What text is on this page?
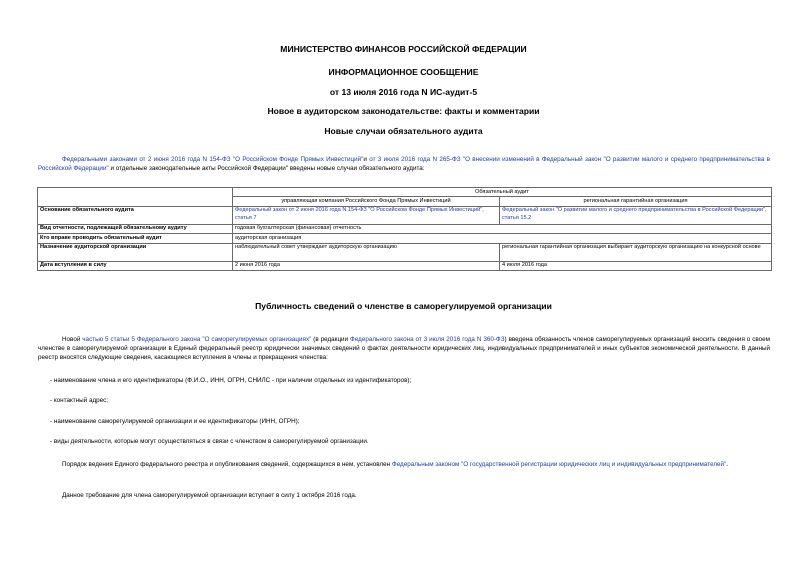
МИНИСТЕРСТВО ФИНАНСОВ РОССИЙСКОЙ ФЕДЕРАЦИИ
ИНФОРМАЦИОННОЕ СООБЩЕНИЕ
от 13 июля 2016 года N ИС-аудит-5
Новое в аудиторском законодательстве: факты и комментарии
Новые случаи обязательного аудита
Федеральными законами от 2 июня 2016 года N 154-ФЗ "О Российском Фонде Прямых Инвестиций"и от 3 июля 2016 года N 265-ФЗ "О внесении изменений в Федеральный закон "О развитии малого и среднего предпринимательства в Российской Федерации" и отдельные законодательные акты Российской Федерации" введены новые случаи обязательного аудита:
	Обязательный аудит	
	управляющая компания Российского Фонда Прямых Инвестиций	региональная гарантийная организация
Основание обязательного аудита	Федеральный закон от 2 июня 2016 года N 154-ФЗ "О Российском Фонде Прямых Инвестиций", статья 7	Федеральный закон "О развитии малого и среднего предпринимательства в Российской Федерации", статья 15.2
Вид отчетности, подлежащей обязательному аудиту	годовая бухгалтерская (финансовая) отчетность	
Кто вправе проводить обязательный аудит	аудиторская организация	
Назначение аудиторской организации	наблюдательный совет утверждает аудиторскую организацию	региональная гарантийная организация выбирает аудиторскую организацию на конкурсной основе
Дата вступления в силу	2 июня 2016 года	4 июля 2016 года
Публичность сведений о членстве в саморегулируемой организации
Новой частью 5 статьи 5 Федерального закона "О саморегулируемых организациях" (в редакции Федерального закона от 3 июля 2016 года N 360-ФЗ) введена обязанность членов саморегулируемых организаций вносить сведения о своем членстве в саморегулируемой организации в Единый федеральный реестр юридически значимых сведений о фактах деятельности юридических лиц, индивидуальных предпринимателей и иных субъектов экономической деятельности. В данный реестр вносятся следующие сведения, касающиеся вступления в члены и прекращения членства:
- наименование члена и его идентификаторы (Ф.И.О., ИНН, ОГРН, СНИЛС - при наличии отдельных из идентификаторов);
- контактный адрес;
- наименование саморегулируемой организации и ее идентификаторы (ИНН, ОГРН);
- виды деятельности, которые могут осуществляться в связи с членством в саморегулируемой организации.
Порядок ведения Единого федерального реестра и опубликования сведений, содержащихся в нем, установлен Федеральным законом "О государственной регистрации юридических лиц и индивидуальных предпринимателей".
Данное требование для члена саморегулируемой организации вступает в силу 1 октября 2016 года.
